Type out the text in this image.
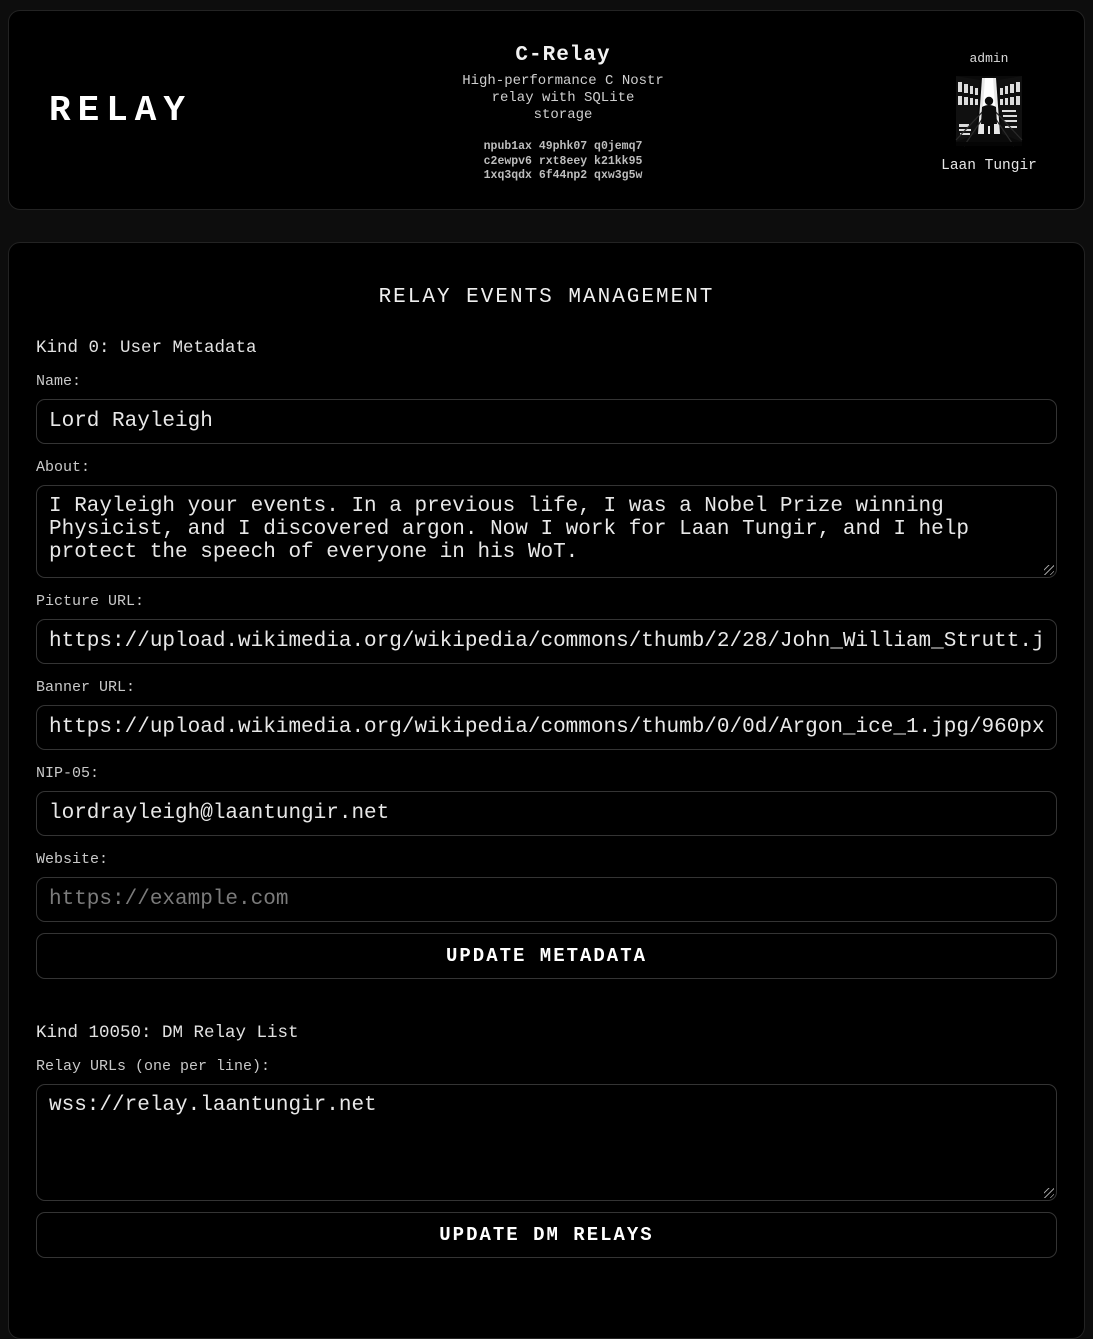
RELAY
C-Relay
High-performance C Nostr
relay with SQLite
storage
npub1ax 49phk07 q0jemq7
c2ewpv6 rxt8eey k21kk95
1xq3qdx 6f44np2 qxw3g5w
admin
Laan Tungir
RELAY EVENTS MANAGEMENT
Kind 0: User Metadata
Name:
Lord Rayleigh
About:
I Rayleigh your events. In a previous life, I was a Nobel Prize winning Physicist, and I discovered argon. Now I work for Laan Tungir, and I help protect the speech of everyone in his WoT.
Picture URL:
https://upload.wikimedia.org/wikipedia/commons/thumb/2/28/John_William_Strutt.jpg
Banner URL:
https://upload.wikimedia.org/wikipedia/commons/thumb/0/0d/Argon_ice_1.jpg/960px-
NIP-05:
lordrayleigh@laantungir.net
Website:
https://example.com UPDATE METADATA
Kind 10050: DM Relay List
Relay URLs (one per line):
wss://relay.laantungir.net
UPDATE DM RELAYS
